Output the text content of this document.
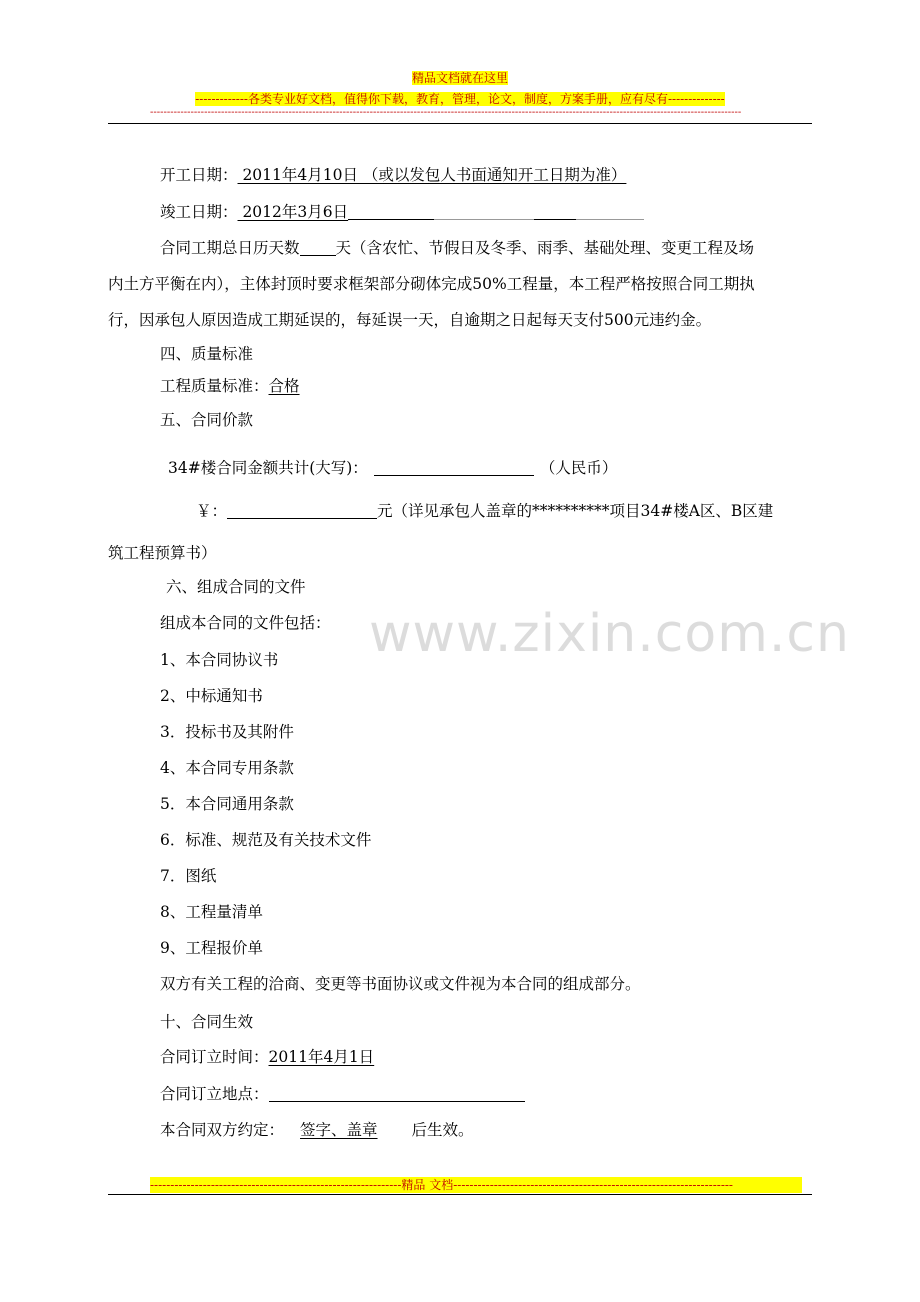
精品文档就在这里
-------------各类专业好文档，值得你下载，教育，管理，论文，制度，方案手册，应有尽有--------------
-------------------------------------------------------------------------------------------------------------------------------------------------------------------------------
www.zixin.com.cn
开工日期： 2011年4月10日 （或以发包人书面通知开工日期为准）
竣工日期： 2012年3月6日
合同工期总日历天数 天（含农忙、节假日及冬季、雨季、基础处理、变更工程及场
内土方平衡在内），主体封顶时要求框架部分砌体完成50%工程量，本工程严格按照合同工期执
行，因承包人原因造成工期延误的，每延误一天，自逾期之日起每天支付500元违约金。
四、质量标准
工程质量标准：合格
五、合同价款
34#楼合同金额共计(大写)：	（人民币）
￥：	元（详见承包人盖章的**********项目34#楼A区、B区建
筑工程预算书）
六、组成合同的文件
组成本合同的文件包括：
1、本合同协议书
2、中标通知书
3．投标书及其附件
4、本合同专用条款
5．本合同通用条款
6．标准、规范及有关技术文件
7．图纸
8、工程量清单
9、工程报价单
双方有关工程的洽商、变更等书面协议或文件视为本合同的组成部分。
十、合同生效
合同订立时间：2011年4月1日
合同订立地点：
本合同双方约定： 签字、盖章 后生效。
--------------------------------------------------------------精品 文档---------------------------------------------------------------------
